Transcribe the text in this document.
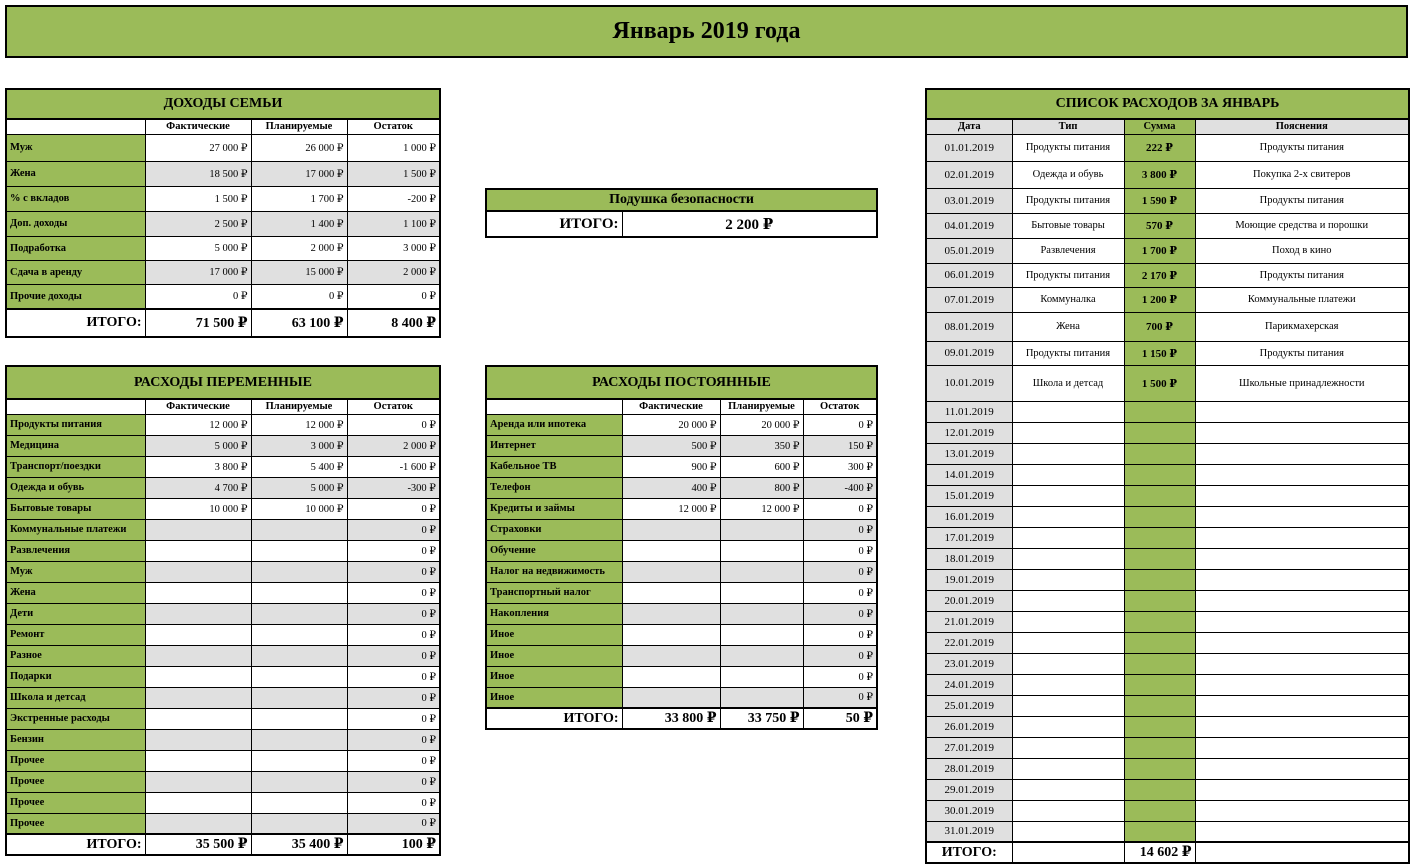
Январь 2019 года
ДОХОДЫ СЕМЬИ			
	Фактические	Планируемые	Остаток
Муж	27 000 ₽	26 000 ₽	1 000 ₽
Жена	18 500 ₽	17 000 ₽	1 500 ₽
% с вкладов	1 500 ₽	1 700 ₽	-200 ₽
Доп. доходы	2 500 ₽	1 400 ₽	1 100 ₽
Подработка	5 000 ₽	2 000 ₽	3 000 ₽
Сдача в аренду	17 000 ₽	15 000 ₽	2 000 ₽
Прочие доходы	0 ₽	0 ₽	0 ₽
ИТОГО:	71 500 ₽	63 100 ₽	8 400 ₽
Подушка безопасности
ИТОГО:	2 200 ₽
РАСХОДЫ ПЕРЕМЕННЫЕ			
	Фактические	Планируемые	Остаток
Продукты питания	12 000 ₽	12 000 ₽	0 ₽
Медицина	5 000 ₽	3 000 ₽	2 000 ₽
Транспорт/поездки	3 800 ₽	5 400 ₽	-1 600 ₽
Одежда и обувь	4 700 ₽	5 000 ₽	-300 ₽
Бытовые товары	10 000 ₽	10 000 ₽	0 ₽
Коммунальные платежи			0 ₽
Развлечения			0 ₽
Муж			0 ₽
Жена			0 ₽
Дети			0 ₽
Ремонт			0 ₽
Разное			0 ₽
Подарки			0 ₽
Школа и детсад			0 ₽
Экстренные расходы			0 ₽
Бензин			0 ₽
Прочее			0 ₽
Прочее			0 ₽
Прочее			0 ₽
Прочее			0 ₽
ИТОГО:	35 500 ₽	35 400 ₽	100 ₽
РАСХОДЫ ПОСТОЯННЫЕ			
	Фактические	Планируемые	Остаток
Аренда или ипотека	20 000 ₽	20 000 ₽	0 ₽
Интернет	500 ₽	350 ₽	150 ₽
Кабельное ТВ	900 ₽	600 ₽	300 ₽
Телефон	400 ₽	800 ₽	-400 ₽
Кредиты и займы	12 000 ₽	12 000 ₽	0 ₽
Страховки			0 ₽
Обучение			0 ₽
Налог на недвижимость			0 ₽
Транспортный налог			0 ₽
Накопления			0 ₽
Иное			0 ₽
Иное			0 ₽
Иное			0 ₽
Иное			0 ₽
ИТОГО:	33 800 ₽	33 750 ₽	50 ₽
СПИСОК РАСХОДОВ ЗА ЯНВАРЬ			
Дата	Тип	Сумма	Пояснения
01.01.2019	Продукты питания	222 ₽	Продукты питания
02.01.2019	Одежда и обувь	3 800 ₽	Покупка 2-х свитеров
03.01.2019	Продукты питания	1 590 ₽	Продукты питания
04.01.2019	Бытовые товары	570 ₽	Моющие средства и порошки
05.01.2019	Развлечения	1 700 ₽	Поход в кино
06.01.2019	Продукты питания	2 170 ₽	Продукты питания
07.01.2019	Коммуналка	1 200 ₽	Коммунальные платежи
08.01.2019	Жена	700 ₽	Парикмахерская
09.01.2019	Продукты питания	1 150 ₽	Продукты питания
10.01.2019	Школа и детсад	1 500 ₽	Школьные принадлежности
11.01.2019			
12.01.2019			
13.01.2019			
14.01.2019			
15.01.2019			
16.01.2019			
17.01.2019			
18.01.2019			
19.01.2019			
20.01.2019			
21.01.2019			
22.01.2019			
23.01.2019			
24.01.2019			
25.01.2019			
26.01.2019			
27.01.2019			
28.01.2019			
29.01.2019			
30.01.2019			
31.01.2019			
ИТОГО:		14 602 ₽	
